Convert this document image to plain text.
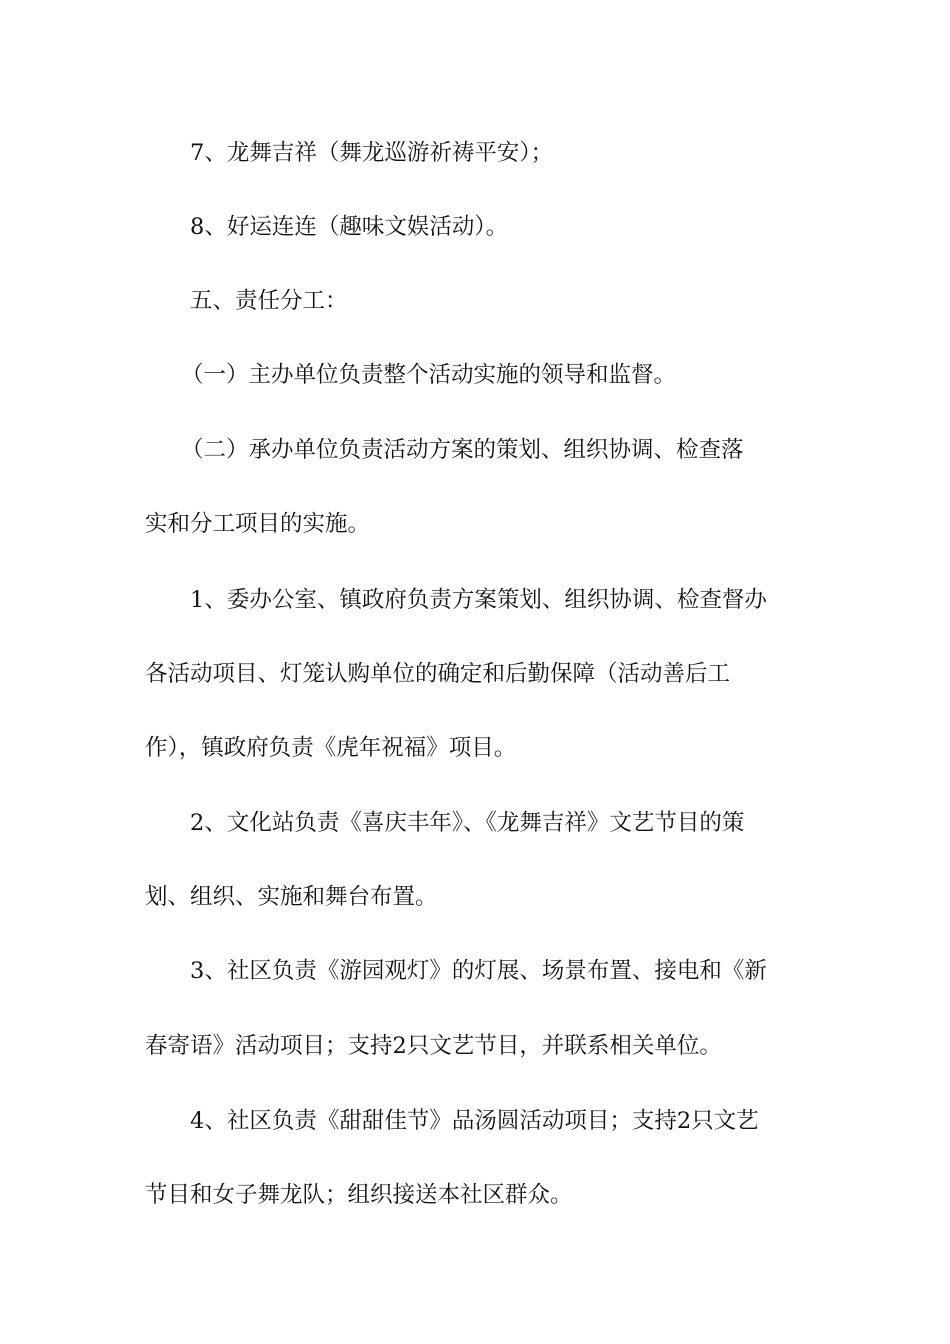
7、龙舞吉祥（舞龙巡游祈祷平安）；

8、好运连连（趣味文娱活动）。

五、责任分工：

（一）主办单位负责整个活动实施的领导和监督。

（二）承办单位负责活动方案的策划、组织协调、检查落

实和分工项目的实施。

1、委办公室、镇政府负责方案策划、组织协调、检查督办

各活动项目、灯笼认购单位的确定和后勤保障（活动善后工

作），镇政府负责《虎年祝福》项目。

2、文化站负责《喜庆丰年》、《龙舞吉祥》文艺节目的策

划、组织、实施和舞台布置。

3、社区负责《游园观灯》的灯展、场景布置、接电和《新

春寄语》活动项目；支持2只文艺节目，并联系相关单位。

4、社区负责《甜甜佳节》品汤圆活动项目；支持2只文艺

节目和女子舞龙队；组织接送本社区群众。
